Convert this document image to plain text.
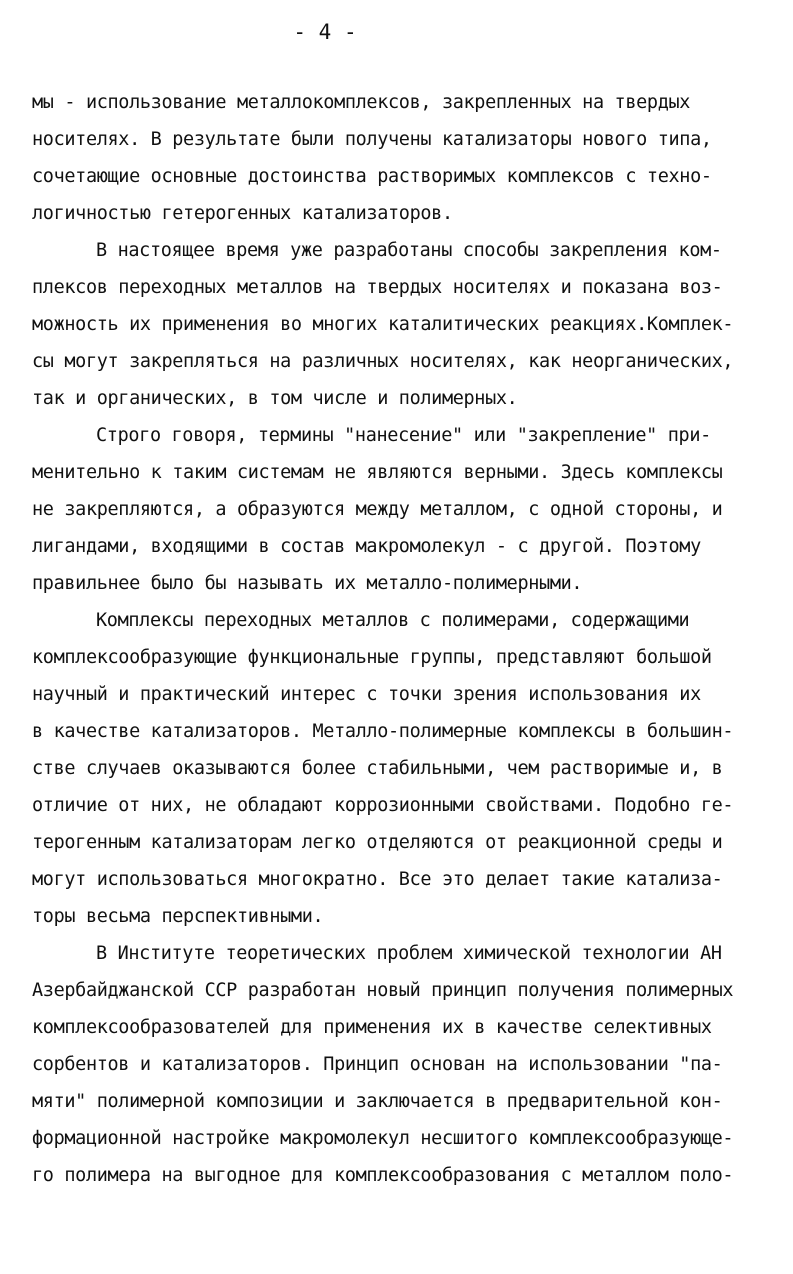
- 4 -
мы - использование металлокомплексов, закрепленных на твердых
носителях. В результате были получены катализаторы нового типа,
сочетающие основные достоинства растворимых комплексов с техно-
логичностью гетерогенных катализаторов.
В настоящее время уже разработаны способы закрепления ком-
плексов переходных металлов на твердых носителях и показана воз-
можность их применения во многих каталитических реакциях.Комплек-
сы могут закрепляться на различных носителях, как неорганических,
так и органических, в том числе и полимерных.
Строго говоря, термины "нанесение" или "закрепление" при-
менительно к таким системам не являются верными. Здесь комплексы
не закрепляются, а образуются между металлом, с одной стороны, и
лигандами, входящими в состав макромолекул - с другой. Поэтому
правильнее было бы называть их металло-полимерными.
Комплексы переходных металлов с полимерами, содержащими
комплексообразующие функциональные группы, представляют большой
научный и практический интерес с точки зрения использования их
в качестве катализаторов. Металло-полимерные комплексы в большин-
стве случаев оказываются более стабильными, чем растворимые и, в
отличие от них, не обладают коррозионными свойствами. Подобно ге-
терогенным катализаторам легко отделяются от реакционной среды и
могут использоваться многократно. Все это делает такие катализа-
торы весьма перспективными.
В Институте теоретических проблем химической технологии АН
Азербайджанской ССР разработан новый принцип получения полимерных
комплексообразователей для применения их в качестве селективных
сорбентов и катализаторов. Принцип основан на использовании "па-
мяти" полимерной композиции и заключается в предварительной кон-
формационной настройке макромолекул несшитого комплексообразующе-
го полимера на выгодное для комплексообразования с металлом поло-
